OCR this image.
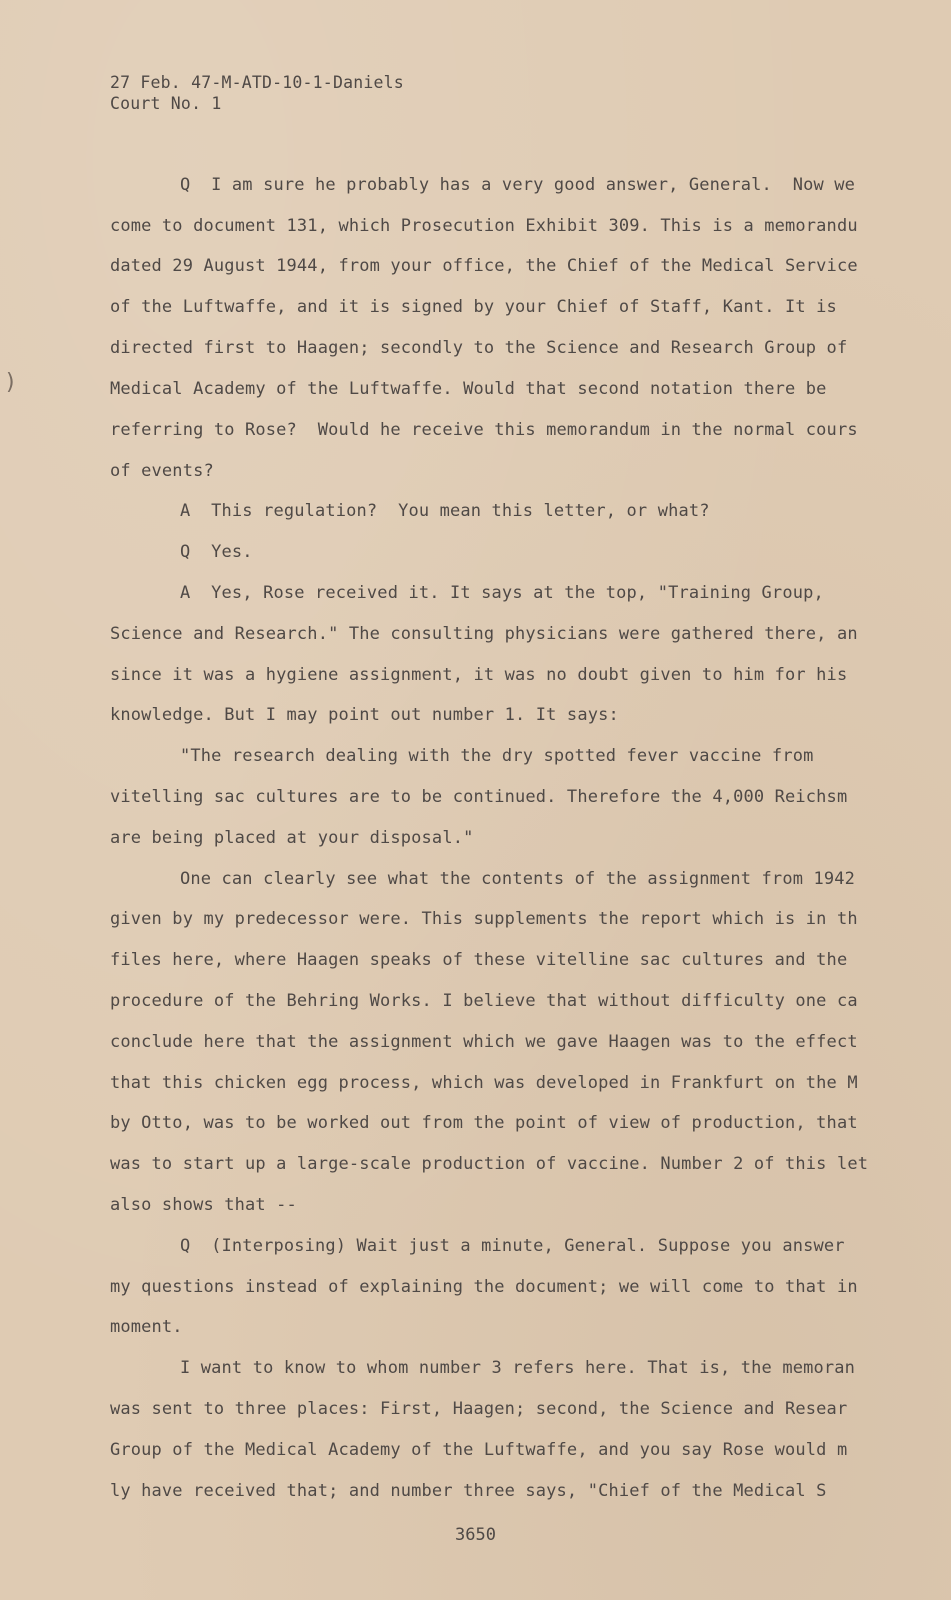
)
27 Feb. 47-M-ATD-10-1-Daniels
Court No. 1
Q  I am sure he probably has a very good answer, General.  Now we
come to document 131, which Prosecution Exhibit 309. This is a memorandu
dated 29 August 1944, from your office, the Chief of the Medical Service
of the Luftwaffe, and it is signed by your Chief of Staff, Kant. It is
directed first to Haagen; secondly to the Science and Research Group of
Medical Academy of the Luftwaffe. Would that second notation there be
referring to Rose?  Would he receive this memorandum in the normal cours
of events?
A  This regulation?  You mean this letter, or what?
Q  Yes.
A  Yes, Rose received it. It says at the top, "Training Group,
Science and Research." The consulting physicians were gathered there, an
since it was a hygiene assignment, it was no doubt given to him for his
knowledge. But I may point out number 1. It says:
"The research dealing with the dry spotted fever vaccine from
vitelling sac cultures are to be continued. Therefore the 4,000 Reichsm
are being placed at your disposal."
One can clearly see what the contents of the assignment from 1942
given by my predecessor were. This supplements the report which is in th
files here, where Haagen speaks of these vitelline sac cultures and the
procedure of the Behring Works. I believe that without difficulty one ca
conclude here that the assignment which we gave Haagen was to the effect
that this chicken egg process, which was developed in Frankfurt on the M
by Otto, was to be worked out from the point of view of production, that
was to start up a large-scale production of vaccine. Number 2 of this let
also shows that --
Q  (Interposing) Wait just a minute, General. Suppose you answer
my questions instead of explaining the document; we will come to that in
moment.
I want to know to whom number 3 refers here. That is, the memoran
was sent to three places: First, Haagen; second, the Science and Resear
Group of the Medical Academy of the Luftwaffe, and you say Rose would m
ly have received that; and number three says, "Chief of the Medical S
3650
